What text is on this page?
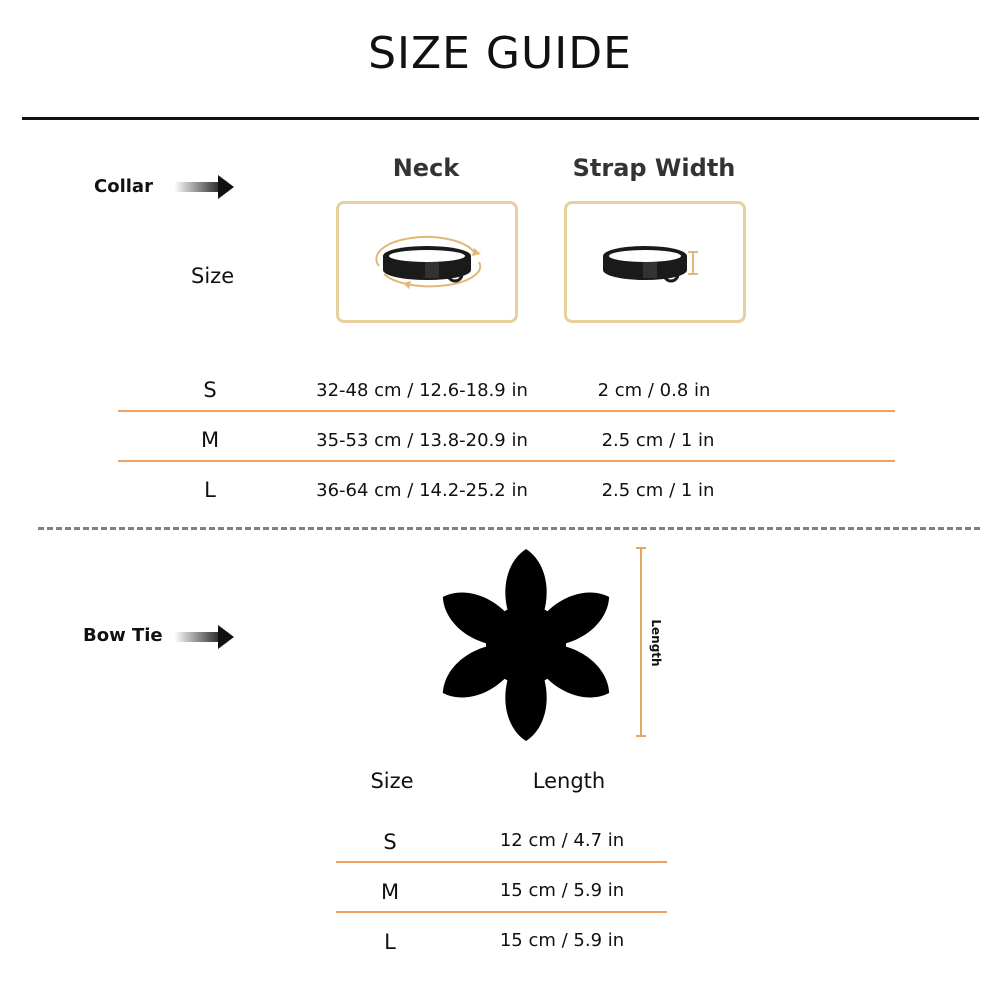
SIZE GUIDE
Collar
Neck	Strap Width
Size
S	32-48 cm / 12.6-18.9 in	2 cm / 0.8 in
M	35-53 cm / 13.8-20.9 in	2.5 cm / 1 in
L	36-64 cm / 14.2-25.2 in	2.5 cm / 1 in
Bow Tie	Length
Size	Length
S	12 cm / 4.7 in
M	15 cm / 5.9 in
L	15 cm / 5.9 in
